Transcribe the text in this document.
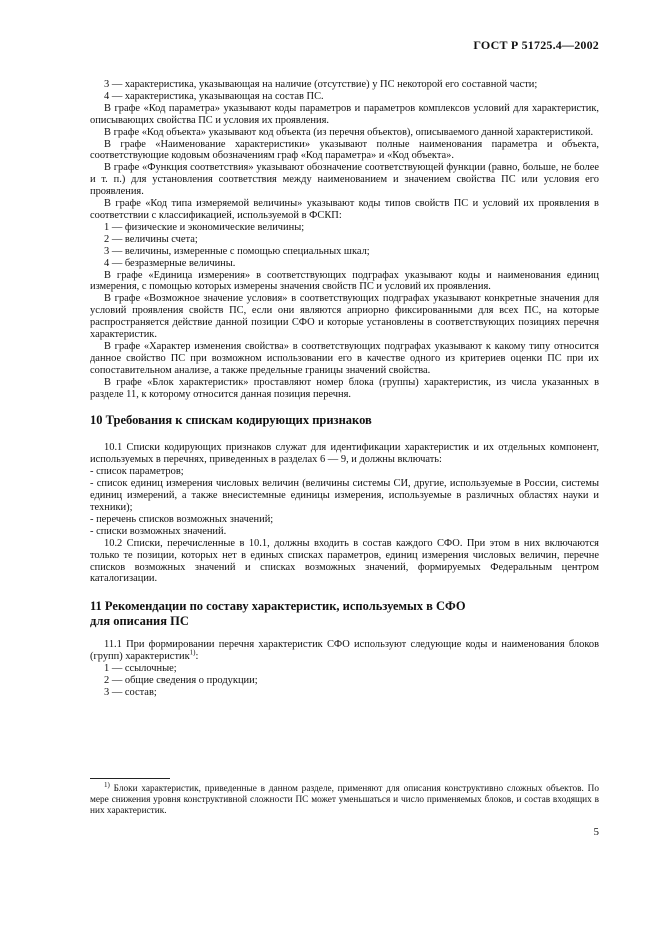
ГОСТ Р 51725.4—2002

3 — характеристика, указывающая на наличие (отсутствие) у ПС некоторой его составной части;

4 — характеристика, указывающая на состав ПС.

В графе «Код параметра» указывают коды параметров и параметров комплексов условий для характеристик, описывающих свойства ПС и условия их проявления.

В графе «Код объекта» указывают код объекта (из перечня объектов), описываемого данной характеристикой.

В графе «Наименование характеристики» указывают полные наименования параметра и объекта, соответствующие кодовым обозначениям граф «Код параметра» и «Код объекта».

В графе «Функция соответствия» указывают обозначение соответствующей функции (равно, больше, не более и т. п.) для установления соответствия между наименованием и значением свойства ПС или условия его проявления.

В графе «Код типа измеряемой величины» указывают коды типов свойств ПС и условий их проявления в соответствии с классификацией, используемой в ФСКП:

1 — физические и экономические величины;

2 — величины счета;

3 — величины, измеренные с помощью специальных шкал;

4 — безразмерные величины.

В графе «Единица измерения» в соответствующих подграфах указывают коды и наименования единиц измерения, с помощью которых измерены значения свойств ПС и условий их проявления.

В графе «Возможное значение условия» в соответствующих подграфах указывают конкретные значения для условий проявления свойств ПС, если они являются априорно фиксированными для всех ПС, на которые распространяется действие данной позиции СФО и которые установлены в соответствующих позициях перечня характеристик.

В графе «Характер изменения свойства» в соответствующих подграфах указывают к какому типу относится данное свойство ПС при возможном использовании его в качестве одного из критериев оценки ПС при их сопоставительном анализе, а также предельные границы значений свойства.

В графе «Блок характеристик» проставляют номер блока (группы) характеристик, из числа указанных в разделе 11, к которому относится данная позиция перечня.

10 Требования к спискам кодирующих признаков

10.1 Списки кодирующих признаков служат для идентификации характеристик и их отдельных компонент, используемых в перечнях, приведенных в разделах 6 — 9, и должны включать:

- список параметров;

- список единиц измерения числовых величин (величины системы СИ, другие, используемые в России, системы единиц измерений, а также внесистемные единицы измерения, используемые в различных областях науки и техники);

- перечень списков возможных значений;

- списки возможных значений.

10.2 Списки, перечисленные в 10.1, должны входить в состав каждого СФО. При этом в них включаются только те позиции, которых нет в единых списках параметров, единиц измерения числовых величин, перечне списков возможных значений и списках возможных значений, формируемых Федеральным центром каталогизации.

11 Рекомендации по составу характеристик, используемых в СФО
для описания ПС

11.1 При формировании перечня характеристик СФО используют следующие коды и наименования блоков (групп) характеристик$^{1)}$:

1 — ссылочные;

2 — общие сведения о продукции;

3 — состав;

$^{1)}$ Блоки характеристик, приведенные в данном разделе, применяют для описания конструктивно сложных объектов. По мере снижения уровня конструктивной сложности ПС может уменьшаться и число применяемых блоков, и состав входящих в них характеристик.

5
